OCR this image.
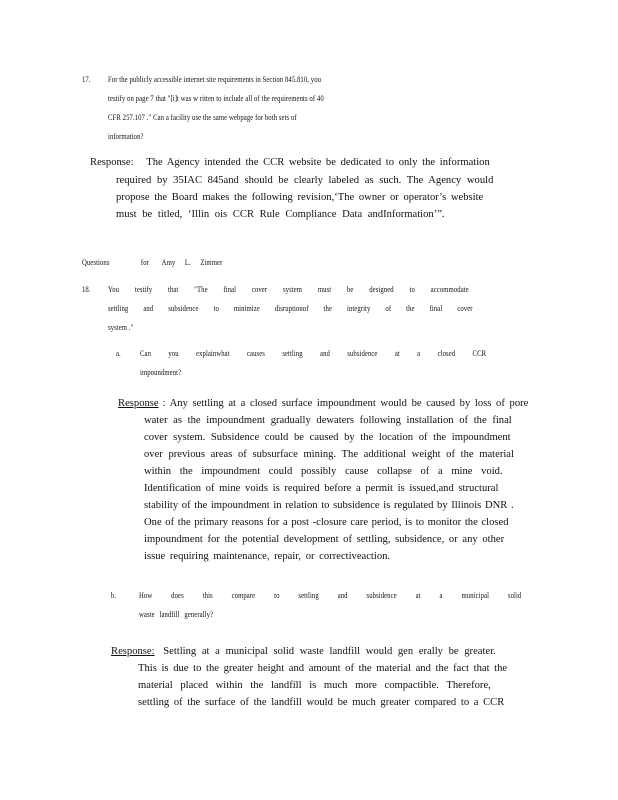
17. For the publicly accessible internet site requirements in Section 845.810, you
testify on page 7 that "[i]t was w ritten to include all of the requirements of 40
CFR 257.107 ." Can a facility use the same webpage for both sets of
information?
Response: The Agency intended the CCR website be dedicated to only the information
required by 35IAC 845and should be clearly labeled as such. The Agency would
propose the Board makes the following revision,‘The owner or operator’s website
must be titled, ‘Illin ois CCR Rule Compliance Data andInformation’”.
Questions for Amy L. Zimmer
18. You testify that "The final cover system must be designed to accommodate
settling and subsidence to minimize disruptionof the integrity of the final cover
system ."
a. Can you explainwhat causes settling and subsidence at a closed CCR
impoundment?
Response : Any settling at a closed surface impoundment would be caused by loss of pore
water as the impoundment gradually dewaters following installation of the final
cover system. Subsidence could be caused by the location of the impoundment
over previous areas of subsurface mining. The additional weight of the material
within the impoundment could possibly cause collapse of a mine void.
Identification of mine voids is required before a permit is issued,and structural
stability of the impoundment in relation to subsidence is regulated by Illinois DNR .
One of the primary reasons for a post -closure care period, is to monitor the closed
impoundment for the potential development of settling, subsidence, or any other
issue requiring maintenance, repair, or correctiveaction.
b.	How does this compare to settling and subsidence at a municipal solid
waste landfill generally?
Response: Settling at a municipal solid waste landfill would gen erally be greater.
This is due to the greater height and amount of the material and the fact that the
material placed within the landfill is much more compactible. Therefore,
settling of the surface of the landfill would be much greater compared to a CCR
